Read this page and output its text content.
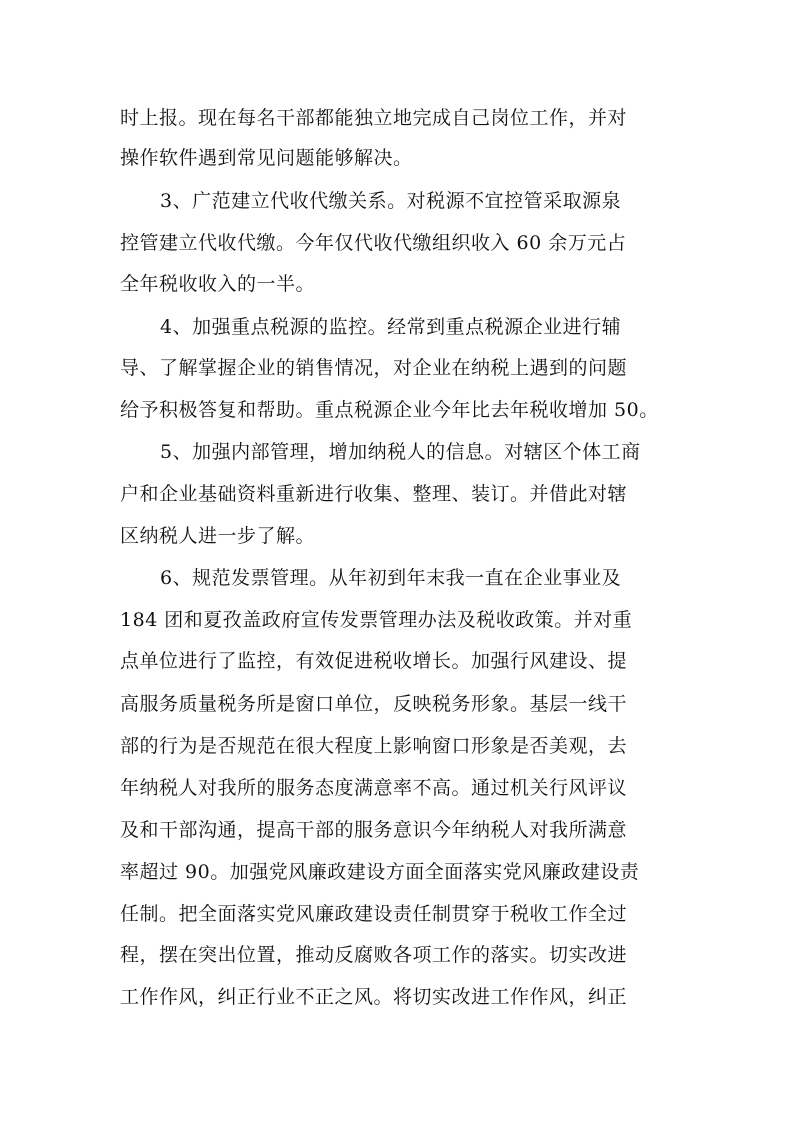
时上报。现在每名干部都能独立地完成自己岗位工作，并对
操作软件遇到常见问题能够解决。
3、广范建立代收代缴关系。对税源不宜控管采取源泉
控管建立代收代缴。今年仅代收代缴组织收入 60 余万元占
全年税收收入的一半。
4、加强重点税源的监控。经常到重点税源企业进行辅
导、了解掌握企业的销售情况，对企业在纳税上遇到的问题
给予积极答复和帮助。重点税源企业今年比去年税收增加 50。
5、加强内部管理，增加纳税人的信息。对辖区个体工商
户和企业基础资料重新进行收集、整理、装订。并借此对辖
区纳税人进一步了解。
6、规范发票管理。从年初到年末我一直在企业事业及
184 团和夏孜盖政府宣传发票管理办法及税收政策。并对重
点单位进行了监控，有效促进税收增长。加强行风建设、提
高服务质量税务所是窗口单位，反映税务形象。基层一线干
部的行为是否规范在很大程度上影响窗口形象是否美观，去
年纳税人对我所的服务态度满意率不高。通过机关行风评议
及和干部沟通，提高干部的服务意识今年纳税人对我所满意
率超过 90。加强党风廉政建设方面全面落实党风廉政建设责
任制。把全面落实党风廉政建设责任制贯穿于税收工作全过
程，摆在突出位置，推动反腐败各项工作的落实。切实改进
工作作风，纠正行业不正之风。将切实改进工作作风，纠正
